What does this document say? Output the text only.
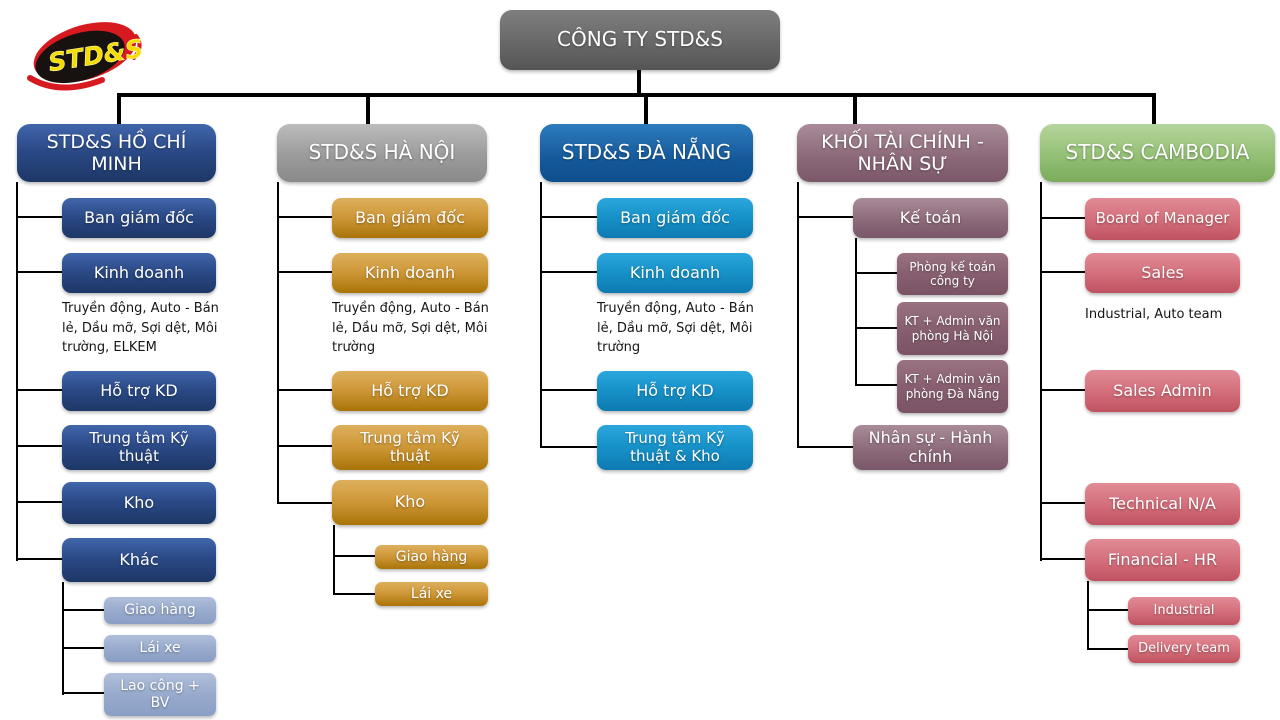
STD&S	CÔNG TY STD&S
STD&S HỒ CHÍ MINH
Ban giám đốc
Kinh doanh
Truyền động, Auto - Bán lẻ, Dầu mỡ, Sợi dệt, Môi trường, ELKEM
Hỗ trợ KD
Trung tâm Kỹ thuật
Kho
Khác
Giao hàng
Lái xe
Lao công + BV
STD&S HÀ NỘI
Ban giám đốc
Kinh doanh
Truyền động, Auto - Bán lẻ, Dầu mỡ, Sợi dệt, Môi trường
Hỗ trợ KD
Trung tâm Kỹ thuật
Kho
Giao hàng
Lái xe
STD&S ĐÀ NẴNG
Ban giám đốc
Kinh doanh
Truyền động, Auto - Bán lẻ, Dầu mỡ, Sợi dệt, Môi trường
Hỗ trợ KD
Trung tâm Kỹ thuật & Kho
KHỐI TÀI CHÍNH - NHÂN SỰ
Kế toán
Phòng kế toán công ty
KT + Admin văn phòng Hà Nội
KT + Admin văn phòng Đà Nẵng
Nhân sự - Hành chính
STD&S CAMBODIA
Board of Manager
Sales
Industrial, Auto team
Sales Admin
Technical N/A
Financial - HR
Industrial
Delivery team
